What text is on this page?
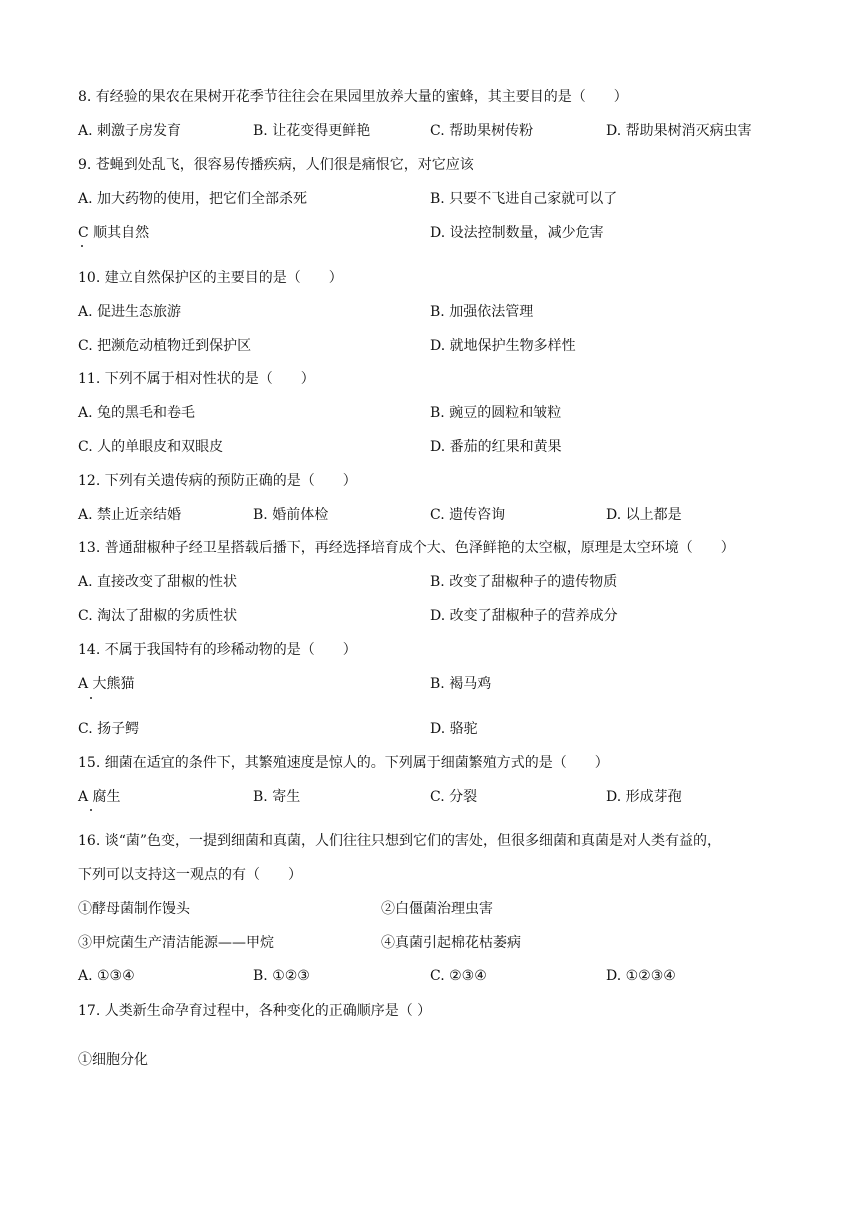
8. 有经验的果农在果树开花季节往往会在果园里放养大量的蜜蜂，其主要目的是（　　）
A. 刺激子房发育	B. 让花变得更鲜艳	C. 帮助果树传粉	D. 帮助果树消灭病虫害
9. 苍蝇到处乱飞，很容易传播疾病，人们很是痛恨它，对它应该
A. 加大药物的使用，把它们全部杀死	B. 只要不飞进自己家就可以了
C 顺其自然	D. 设法控制数量，减少危害
10. 建立自然保护区的主要目的是（　　）
A. 促进生态旅游	B. 加强依法管理
C. 把濒危动植物迁到保护区	D. 就地保护生物多样性
11. 下列不属于相对性状的是（　　）
A. 兔的黑毛和卷毛	B. 豌豆的圆粒和皱粒
C. 人的单眼皮和双眼皮	D. 番茄的红果和黄果
12. 下列有关遗传病的预防正确的是（　　）
A. 禁止近亲结婚	B. 婚前体检	C. 遗传咨询	D. 以上都是
13. 普通甜椒种子经卫星搭载后播下，再经选择培育成个大、色泽鲜艳的太空椒，原理是太空环境（　　）
A. 直接改变了甜椒的性状	B. 改变了甜椒种子的遗传物质
C. 淘汰了甜椒的劣质性状	D. 改变了甜椒种子的营养成分
14. 不属于我国特有的珍稀动物的是（　　）
A 大熊猫	B. 褐马鸡
C. 扬子鳄	D. 骆驼
15. 细菌在适宜的条件下，其繁殖速度是惊人的。下列属于细菌繁殖方式的是（　　）
A 腐生	B. 寄生	C. 分裂	D. 形成芽孢
16. 谈“菌”色变，一提到细菌和真菌，人们往往只想到它们的害处，但很多细菌和真菌是对人类有益的，
下列可以支持这一观点的有（　　）
①酵母菌制作馒头	②白僵菌治理虫害
③甲烷菌生产清洁能源——甲烷	④真菌引起棉花枯萎病
A. ①③④	B. ①②③	C. ②③④	D. ①②③④
17. 人类新生命孕育过程中，各种变化的正确顺序是（ ）
①细胞分化
